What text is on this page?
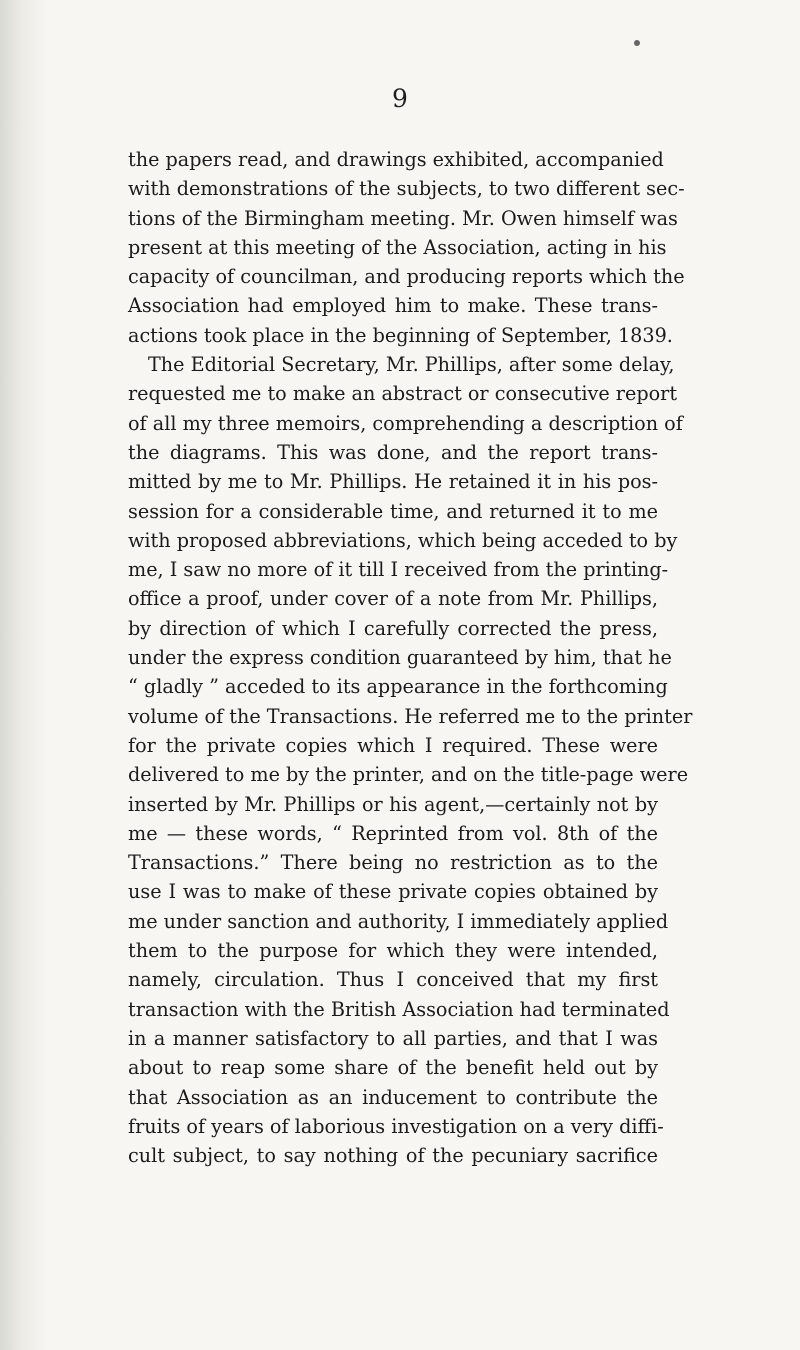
9
the papers read, and drawings exhibited, accompanied
with demonstrations of the subjects, to two different sec-
tions of the Birmingham meeting. Mr. Owen himself was
present at this meeting of the Association, acting in his
capacity of councilman, and producing reports which the
Association had employed him to make. These trans-
actions took place in the beginning of September, 1839.
The Editorial Secretary, Mr. Phillips, after some delay,
requested me to make an abstract or consecutive report
of all my three memoirs, comprehending a description of
the diagrams. This was done, and the report trans-
mitted by me to Mr. Phillips. He retained it in his pos-
session for a considerable time, and returned it to me
with proposed abbreviations, which being acceded to by
me, I saw no more of it till I received from the printing-
office a proof, under cover of a note from Mr. Phillips,
by direction of which I carefully corrected the press,
under the express condition guaranteed by him, that he
“ gladly ” acceded to its appearance in the forthcoming
volume of the Transactions. He referred me to the printer
for the private copies which I required. These were
delivered to me by the printer, and on the title-page were
inserted by Mr. Phillips or his agent,—certainly not by
me — these words, “ Reprinted from vol. 8th of the
Transactions.” There being no restriction as to the
use I was to make of these private copies obtained by
me under sanction and authority, I immediately applied
them to the purpose for which they were intended,
namely, circulation. Thus I conceived that my first
transaction with the British Association had terminated
in a manner satisfactory to all parties, and that I was
about to reap some share of the benefit held out by
that Association as an inducement to contribute the
fruits of years of laborious investigation on a very diffi-
cult subject, to say nothing of the pecuniary sacrifice
